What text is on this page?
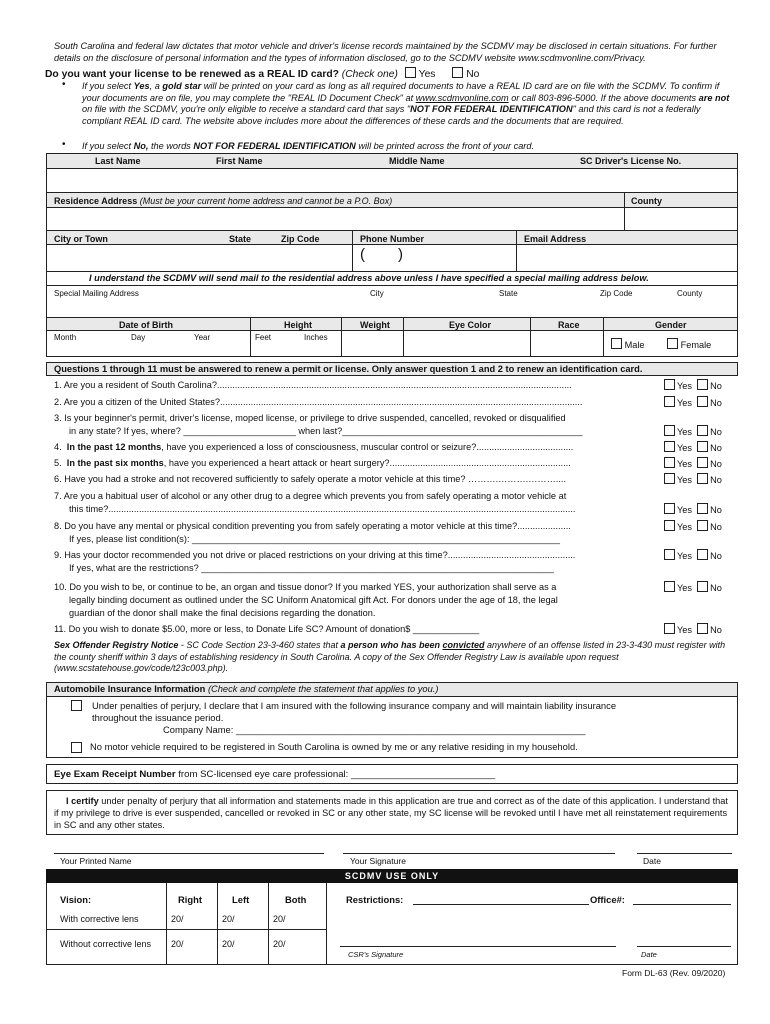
South Carolina and federal law dictates that motor vehicle and driver's license records maintained by the SCDMV may be disclosed in certain situations. For further details on the disclosure of personal information and the types of information disclosed, go to the SCDMV website www.scdmvonline.com/Privacy.
Do you want your license to be renewed as a REAL ID card? (Check one) Yes	No
• If you select Yes, a gold star will be printed on your card as long as all required documents to have a REAL ID card are on file with the SCDMV. To confirm if your documents are on file, you may complete the "REAL ID Document Check" at www.scdmvonline.com or call 803-896-5000. If the above documents are not on file with the SCDMV, you're only eligible to receive a standard card that says "NOT FOR FEDERAL IDENTIFICATION" and this card is not a federally compliant REAL ID card. The website above includes more about the differences of these cards and the documents that are required.
• If you select No, the words NOT FOR FEDERAL IDENTIFICATION will be printed across the front of your card.
Last Name	First Name	Middle Name	SC Driver's License No.
Residence Address (Must be your current home address and cannot be a P.O. Box)	County
City or Town	State	Zip Code	Phone Number	Email Address
( )
I understand the SCDMV will send mail to the residential address above unless I have specified a special mailing address below.
Special Mailing Address	City	State	Zip Code	County
Date of Birth	Height	Weight	Eye Color	Race	Gender
Month	Day	Year	Feet	Inches
Male	Female
Questions 1 through 11 must be answered to renew a permit or license. Only answer question 1 and 2 to renew an identification card.
1. Are you a resident of South Carolina?...........................................................................................................................................	Yes No
2. Are you a citizen of the United States?..............................................................................................................................................	Yes No
3. Is your beginner's permit, driver's license, moped license, or privilege to drive suspended, cancelled, revoked or disqualified
in any state? If yes, where? ______________________ when last?_______________________________________________	Yes No
4. In the past 12 months, have you experienced a loss of consciousness, muscular control or seizure?......................................	Yes No
5. In the past six months, have you experienced a heart attack or heart surgery?.......................................................................	Yes No
6. Have you had a stroke and not recovered sufficiently to safely operate a motor vehicle at this time? ……….……….………....	Yes No
7. Are you a habitual user of alcohol or any other drug to a degree which prevents you from safely operating a motor vehicle at
this time?.......................................................................................................................................................................................	Yes No
8. Do you have any mental or physical condition preventing you from safely operating a motor vehicle at this time?.....................	Yes No
If yes, please list condition(s): ________________________________________________________________________
9. Has your doctor recommended you not drive or placed restrictions on your driving at this time?..................................................	Yes No
If yes, what are the restrictions? _____________________________________________________________________
10. Do you wish to be, or continue to be, an organ and tissue donor? If you marked YES, your authorization shall serve as a	Yes No
legally binding document as outlined under the SC Uniform Anatomical gift Act. For donors under the age of 18, the legal
guardian of the donor shall make the final decisions regarding the donation.
11. Do you wish to donate $5.00, more or less, to Donate Life SC? Amount of donation$ _____________	Yes No
Sex Offender Registry Notice - SC Code Section 23-3-460 states that a person who has been convicted anywhere of an offense listed in 23-3-430 must register with the county sheriff within 3 days of establishing residency in South Carolina. A copy of the Sex Offender Registry Law is available upon request (www.scstatehouse.gov/code/t23c003.php).
Automobile Insurance Information (Check and complete the statement that applies to you.)
Under penalties of perjury, I declare that I am insured with the following insurance company and will maintain liability insurance
throughout the issuance period.
Company Name: ___________________________________________________________________
No motor vehicle required to be registered in South Carolina is owned by me or any relative residing in my household.
Eye Exam Receipt Number from SC-licensed eye care professional: ___________________________
I certify under penalty of perjury that all information and statements made in this application are true and correct as of the date of this application. I understand that if my privilege to drive is ever suspended, cancelled or revoked in SC or any other state, my SC license will be revoked until I have met all reinstatement requirements in SC and any other states.
Your Printed Name	Your Signature	Date
SCDMV USE ONLY
Vision:	Right	Left	Both	Restrictions:	Office#:
With corrective lens	20/	20/	20/
Without corrective lens 20/	20/	20/
CSR's Signature	Date
Form DL-63 (Rev. 09/2020)
